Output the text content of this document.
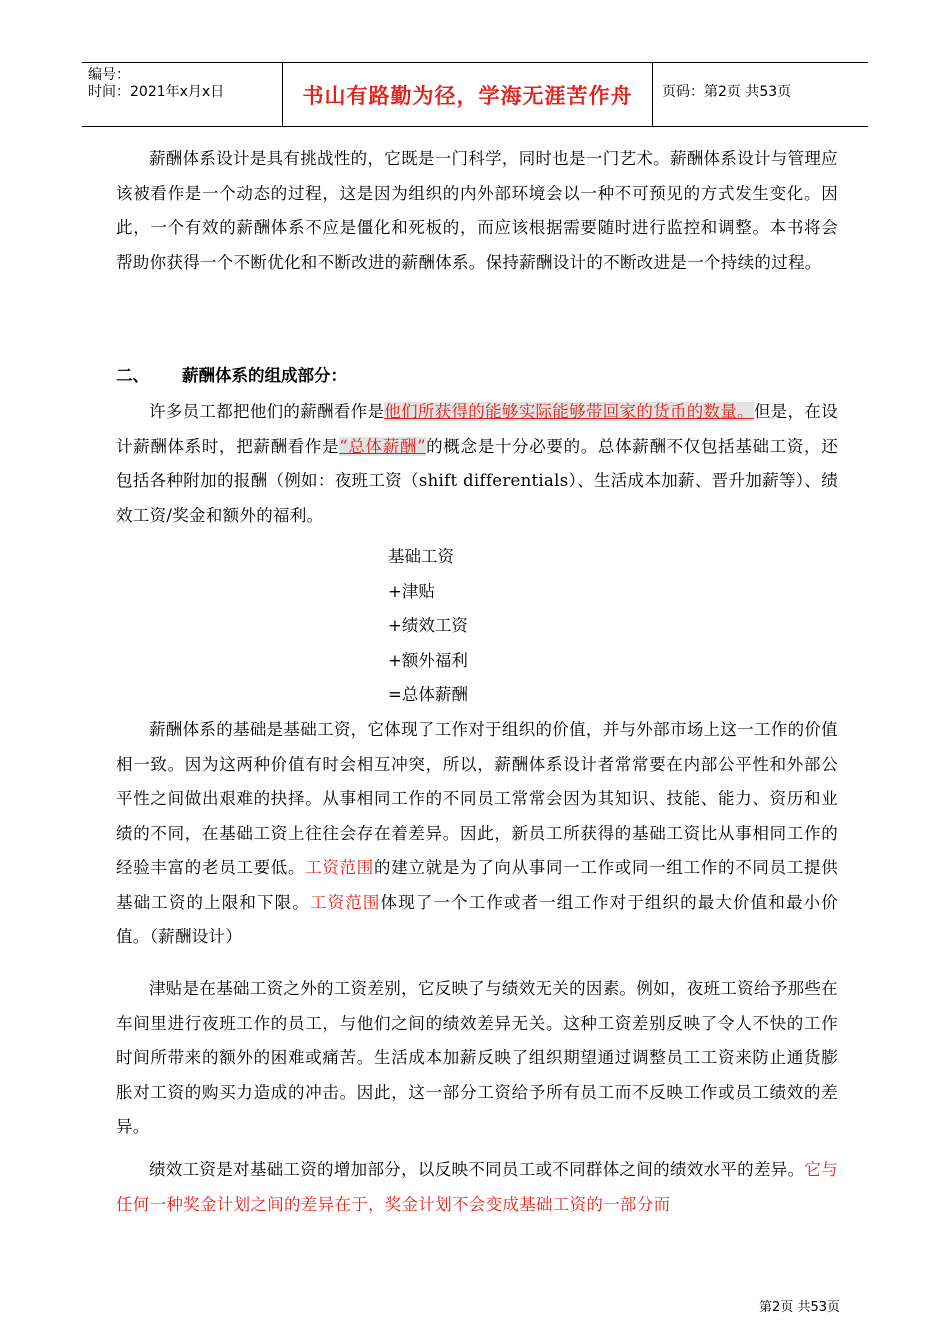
编号：
时间：2021年x月x日	书山有路勤为径，学海无涯苦作舟	页码：第2页 共53页
薪酬体系设计是具有挑战性的，它既是一门科学，同时也是一门艺术。薪酬体系设计与管理应该被看作是一个动态的过程，这是因为组织的内外部环境会以一种不可预见的方式发生变化。因此，一个有效的薪酬体系不应是僵化和死板的，而应该根据需要随时进行监控和调整。本书将会帮助你获得一个不断优化和不断改进的薪酬体系。保持薪酬设计的不断改进是一个持续的过程。
二、 薪酬体系的组成部分：
许多员工都把他们的薪酬看作是他们所获得的能够实际能够带回家的货币的数量。但是，在设计薪酬体系时，把薪酬看作是“总体薪酬”的概念是十分必要的。总体薪酬不仅包括基础工资，还包括各种附加的报酬（例如：夜班工资（shift differentials）、生活成本加薪、晋升加薪等）、绩效工资/奖金和额外的福利。
基础工资
+津贴
+绩效工资
+额外福利
=总体薪酬
薪酬体系的基础是基础工资，它体现了工作对于组织的价值，并与外部市场上这一工作的价值相一致。因为这两种价值有时会相互冲突，所以，薪酬体系设计者常常要在内部公平性和外部公平性之间做出艰难的抉择。从事相同工作的不同员工常常会因为其知识、技能、能力、资历和业绩的不同，在基础工资上往往会存在着差异。因此，新员工所获得的基础工资比从事相同工作的经验丰富的老员工要低。工资范围的建立就是为了向从事同一工作或同一组工作的不同员工提供基础工资的上限和下限。工资范围体现了一个工作或者一组工作对于组织的最大价值和最小价值。（薪酬设计）
津贴是在基础工资之外的工资差别，它反映了与绩效无关的因素。例如，夜班工资给予那些在车间里进行夜班工作的员工，与他们之间的绩效差异无关。这种工资差别反映了令人不快的工作时间所带来的额外的困难或痛苦。生活成本加薪反映了组织期望通过调整员工工资来防止通货膨胀对工资的购买力造成的冲击。因此，这一部分工资给予所有员工而不反映工作或员工绩效的差异。
绩效工资是对基础工资的增加部分，以反映不同员工或不同群体之间的绩效水平的差异。它与任何一种奖金计划之间的差异在于，奖金计划不会变成基础工资的一部分而
第2页 共53页
